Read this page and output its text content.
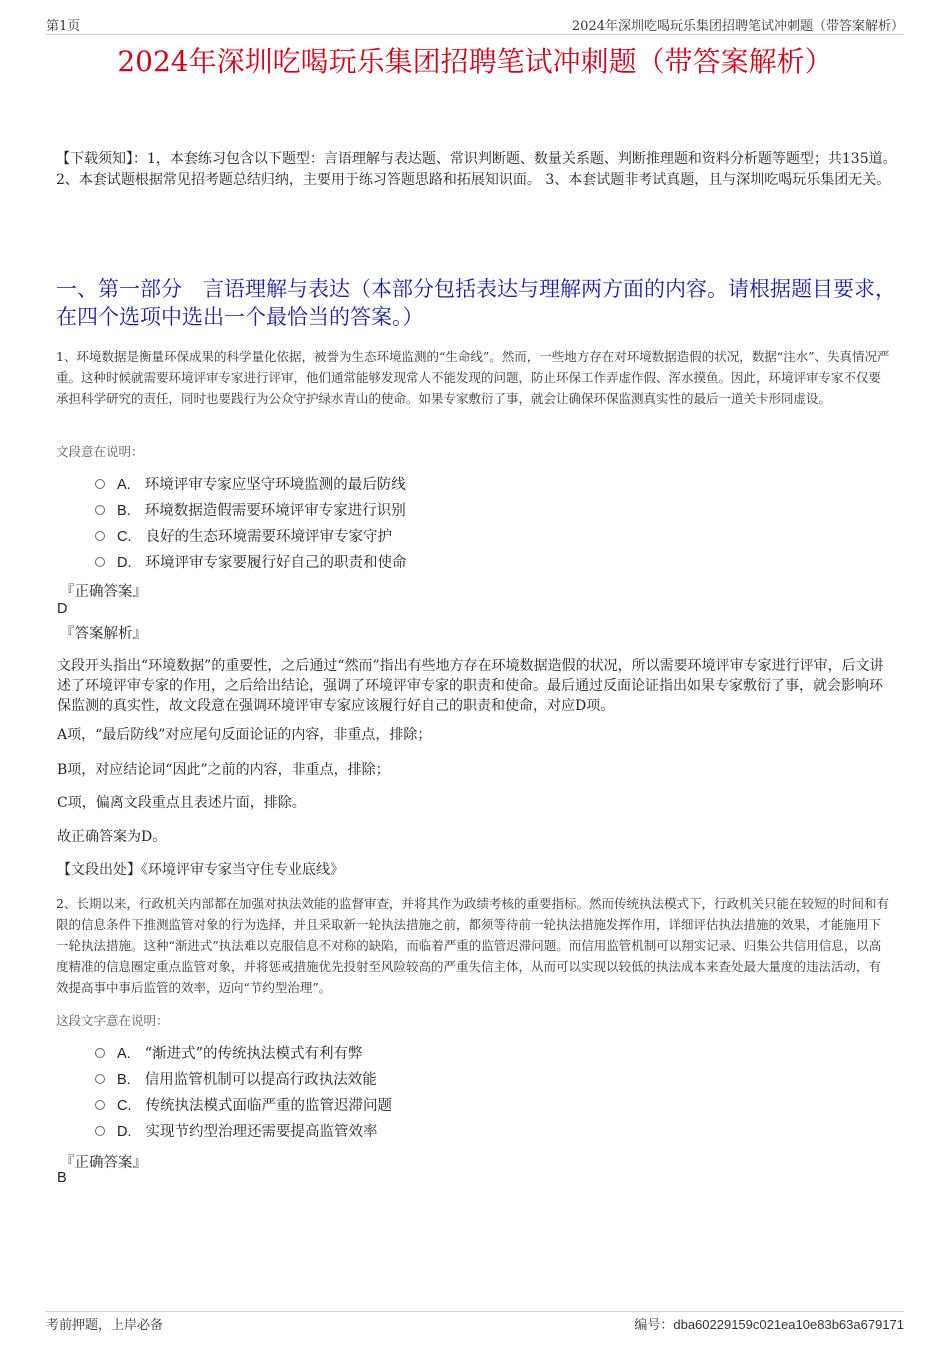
第1页	2024年深圳吃喝玩乐集团招聘笔试冲刺题（带答案解析）
2024年深圳吃喝玩乐集团招聘笔试冲刺题（带答案解析）
【下载须知】：1，本套练习包含以下题型：言语理解与表达题、常识判断题、数量关系题、判断推理题和资料分析题等题型；共135道。 2、本套试题根据常见招考题总结归纳，主要用于练习答题思路和拓展知识面。 3、本套试题非考试真题，且与深圳吃喝玩乐集团无关。
一、第一部分　言语理解与表达（本部分包括表达与理解两方面的内容。请根据题目要求，在四个选项中选出一个最恰当的答案。）
1、环境数据是衡量环保成果的科学量化依据，被誉为生态环境监测的“生命线”。然而，一些地方存在对环境数据造假的状况，数据“注水”、失真情况严重。这种时候就需要环境评审专家进行评审，他们通常能够发现常人不能发现的问题，防止环保工作弄虚作假、浑水摸鱼。因此，环境评审专家不仅要承担科学研究的责任，同时也要践行为公众守护绿水青山的使命。如果专家敷衍了事，就会让确保环保监测真实性的最后一道关卡形同虚设。
文段意在说明：
A. 环境评审专家应坚守环境监测的最后防线
B. 环境数据造假需要环境评审专家进行识别
C. 良好的生态环境需要环境评审专家守护
D. 环境评审专家要履行好自己的职责和使命
『正确答案』
D
『答案解析』
文段开头指出“环境数据”的重要性，之后通过“然而”指出有些地方存在环境数据造假的状况，所以需要环境评审专家进行评审，后文讲述了环境评审专家的作用，之后给出结论，强调了环境评审专家的职责和使命。最后通过反面论证指出如果专家敷衍了事，就会影响环保监测的真实性，故文段意在强调环境评审专家应该履行好自己的职责和使命，对应D项。
A项，“最后防线”对应尾句反面论证的内容，非重点，排除；
B项，对应结论词“因此”之前的内容，非重点，排除；
C项，偏离文段重点且表述片面，排除。
故正确答案为D。
【文段出处】《环境评审专家当守住专业底线》
2、长期以来，行政机关内部都在加强对执法效能的监督审查，并将其作为政绩考核的重要指标。然而传统执法模式下，行政机关只能在较短的时间和有限的信息条件下推测监管对象的行为选择，并且采取新一轮执法措施之前，都须等待前一轮执法措施发挥作用，详细评估执法措施的效果，才能施用下一轮执法措施。这种“渐进式”执法难以克服信息不对称的缺陷，而临着严重的监管迟滞问题。而信用监管机制可以翔实记录、归集公共信用信息，以高度精准的信息圈定重点监管对象，并将惩戒措施优先投射至风险较高的严重失信主体，从而可以实现以较低的执法成本来查处最大量度的违法活动，有效提高事中事后监管的效率，迈向“节约型治理”。
这段文字意在说明：
A. “渐进式”的传统执法模式有利有弊
B. 信用监管机制可以提高行政执法效能
C. 传统执法模式面临严重的监管迟滞问题
D. 实现节约型治理还需要提高监管效率
『正确答案』
B
考前押题，上岸必备	编号：dba60229159c021ea10e83b63a679171
